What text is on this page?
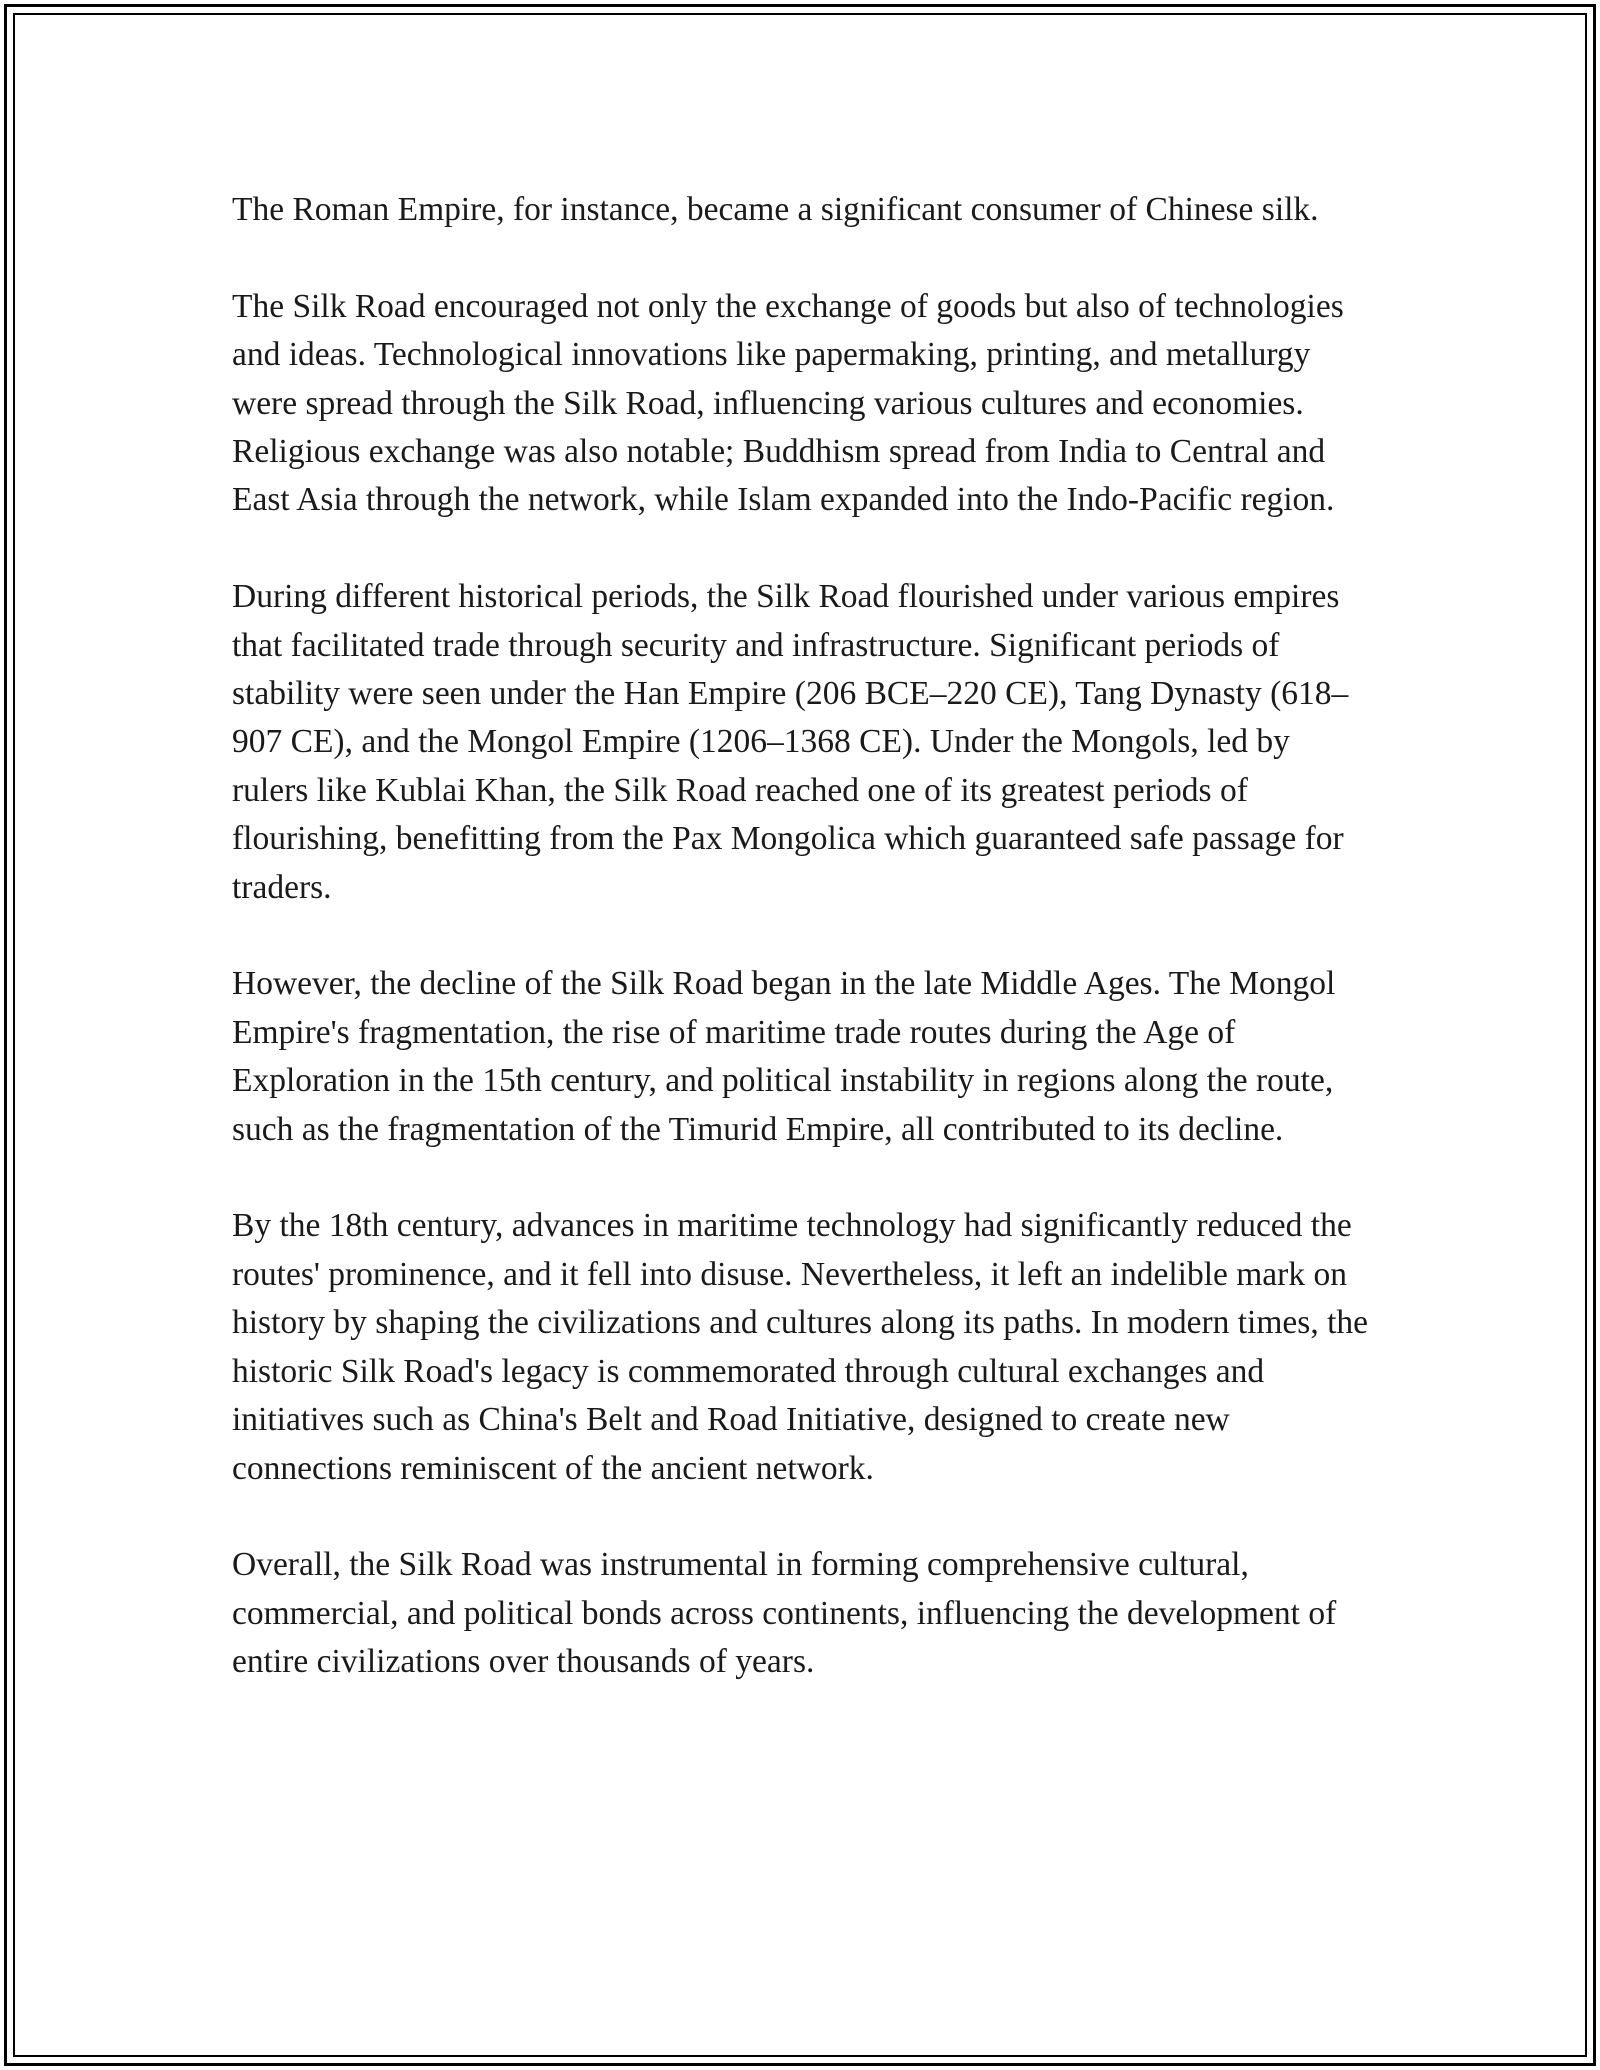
The Roman Empire, for instance, became a significant consumer of Chinese silk.

The Silk Road encouraged not only the exchange of goods but also of technologies and ideas. Technological innovations like papermaking, printing, and metallurgy were spread through the Silk Road, influencing various cultures and economies. Religious exchange was also notable; Buddhism spread from India to Central and East Asia through the network, while Islam expanded into the Indo-Pacific region.

During different historical periods, the Silk Road flourished under various empires that facilitated trade through security and infrastructure. Significant periods of stability were seen under the Han Empire (206 BCE–220 CE), Tang Dynasty (618–907 CE), and the Mongol Empire (1206–1368 CE). Under the Mongols, led by rulers like Kublai Khan, the Silk Road reached one of its greatest periods of flourishing, benefitting from the Pax Mongolica which guaranteed safe passage for traders.

However, the decline of the Silk Road began in the late Middle Ages. The Mongol Empire's fragmentation, the rise of maritime trade routes during the Age of Exploration in the 15th century, and political instability in regions along the route, such as the fragmentation of the Timurid Empire, all contributed to its decline.

By the 18th century, advances in maritime technology had significantly reduced the routes' prominence, and it fell into disuse. Nevertheless, it left an indelible mark on history by shaping the civilizations and cultures along its paths. In modern times, the historic Silk Road's legacy is commemorated through cultural exchanges and initiatives such as China's Belt and Road Initiative, designed to create new connections reminiscent of the ancient network.

Overall, the Silk Road was instrumental in forming comprehensive cultural, commercial, and political bonds across continents, influencing the development of entire civilizations over thousands of years.
